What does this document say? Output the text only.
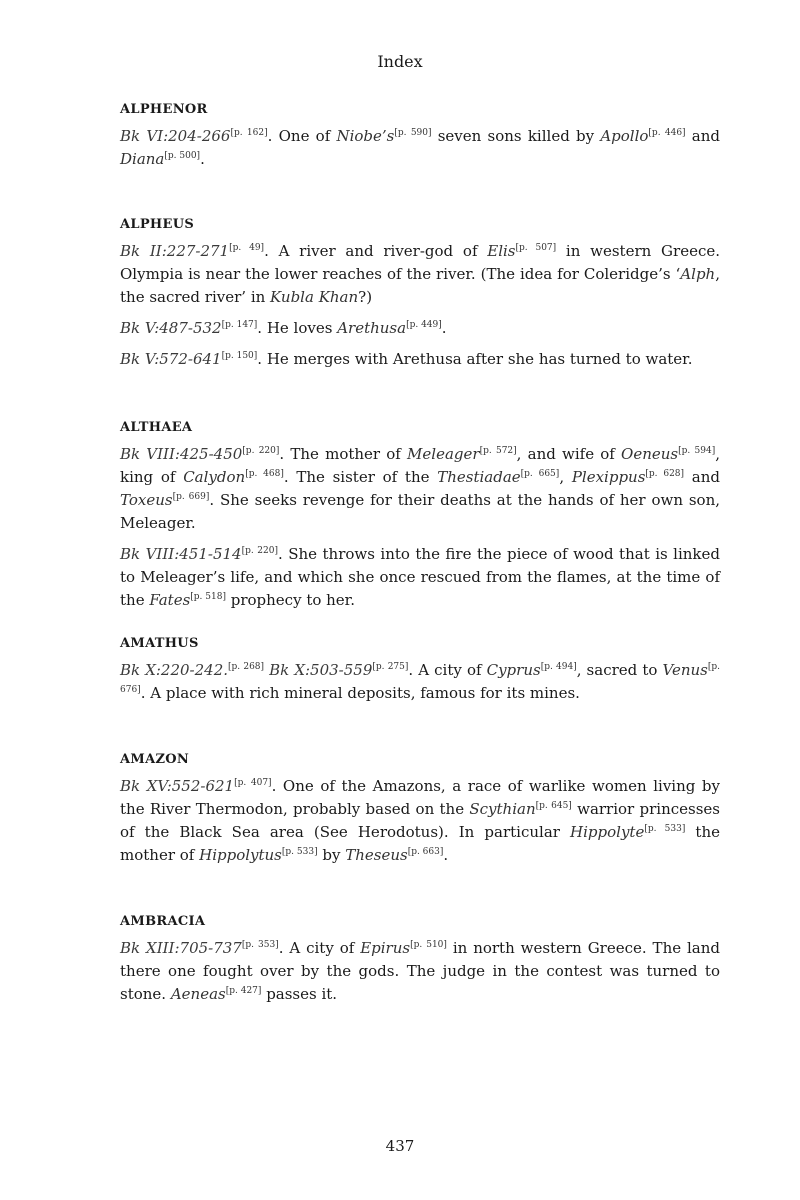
Index
ALPHENOR

Bk VI:204-266[p. 162]. One of Niobe’s[p. 590] seven sons killed by Apollo[p. 446] and Diana[p. 500].

ALPHEUS

Bk II:227-271[p. 49]. A river and river-god of Elis[p. 507] in western Greece. Olympia is near the lower reaches of the river. (The idea for Coleridge’s ‘Alph, the sacred river’ in Kubla Khan?)

Bk V:487-532[p. 147]. He loves Arethusa[p. 449].

Bk V:572-641[p. 150]. He merges with Arethusa after she has turned to water.

ALTHAEA

Bk VIII:425-450[p. 220]. The mother of Meleager[p. 572], and wife of Oeneus[p. 594], king of Calydon[p. 468]. The sister of the Thestiadae[p. 665], Plexippus[p. 628] and Toxeus[p. 669]. She seeks revenge for their deaths at the hands of her own son, Meleager.

Bk VIII:451-514[p. 220]. She throws into the fire the piece of wood that is linked to Meleager’s life, and which she once rescued from the flames, at the time of the Fates[p. 518] prophecy to her.

AMATHUS

Bk X:220-242.[p. 268] Bk X:503-559[p. 275]. A city of Cyprus[p. 494], sacred to Venus[p. 676]. A place with rich mineral deposits, famous for its mines.

AMAZON

Bk XV:552-621[p. 407]. One of the Amazons, a race of warlike women living by the River Thermodon, probably based on the Scythian[p. 645] warrior princesses of the Black Sea area (See Herodotus). In particular Hippolyte[p. 533] the mother of Hippolytus[p. 533] by Theseus[p. 663].

AMBRACIA

Bk XIII:705-737[p. 353]. A city of Epirus[p. 510] in north western Greece. The land there one fought over by the gods. The judge in the contest was turned to stone. Aeneas[p. 427] passes it.

437
